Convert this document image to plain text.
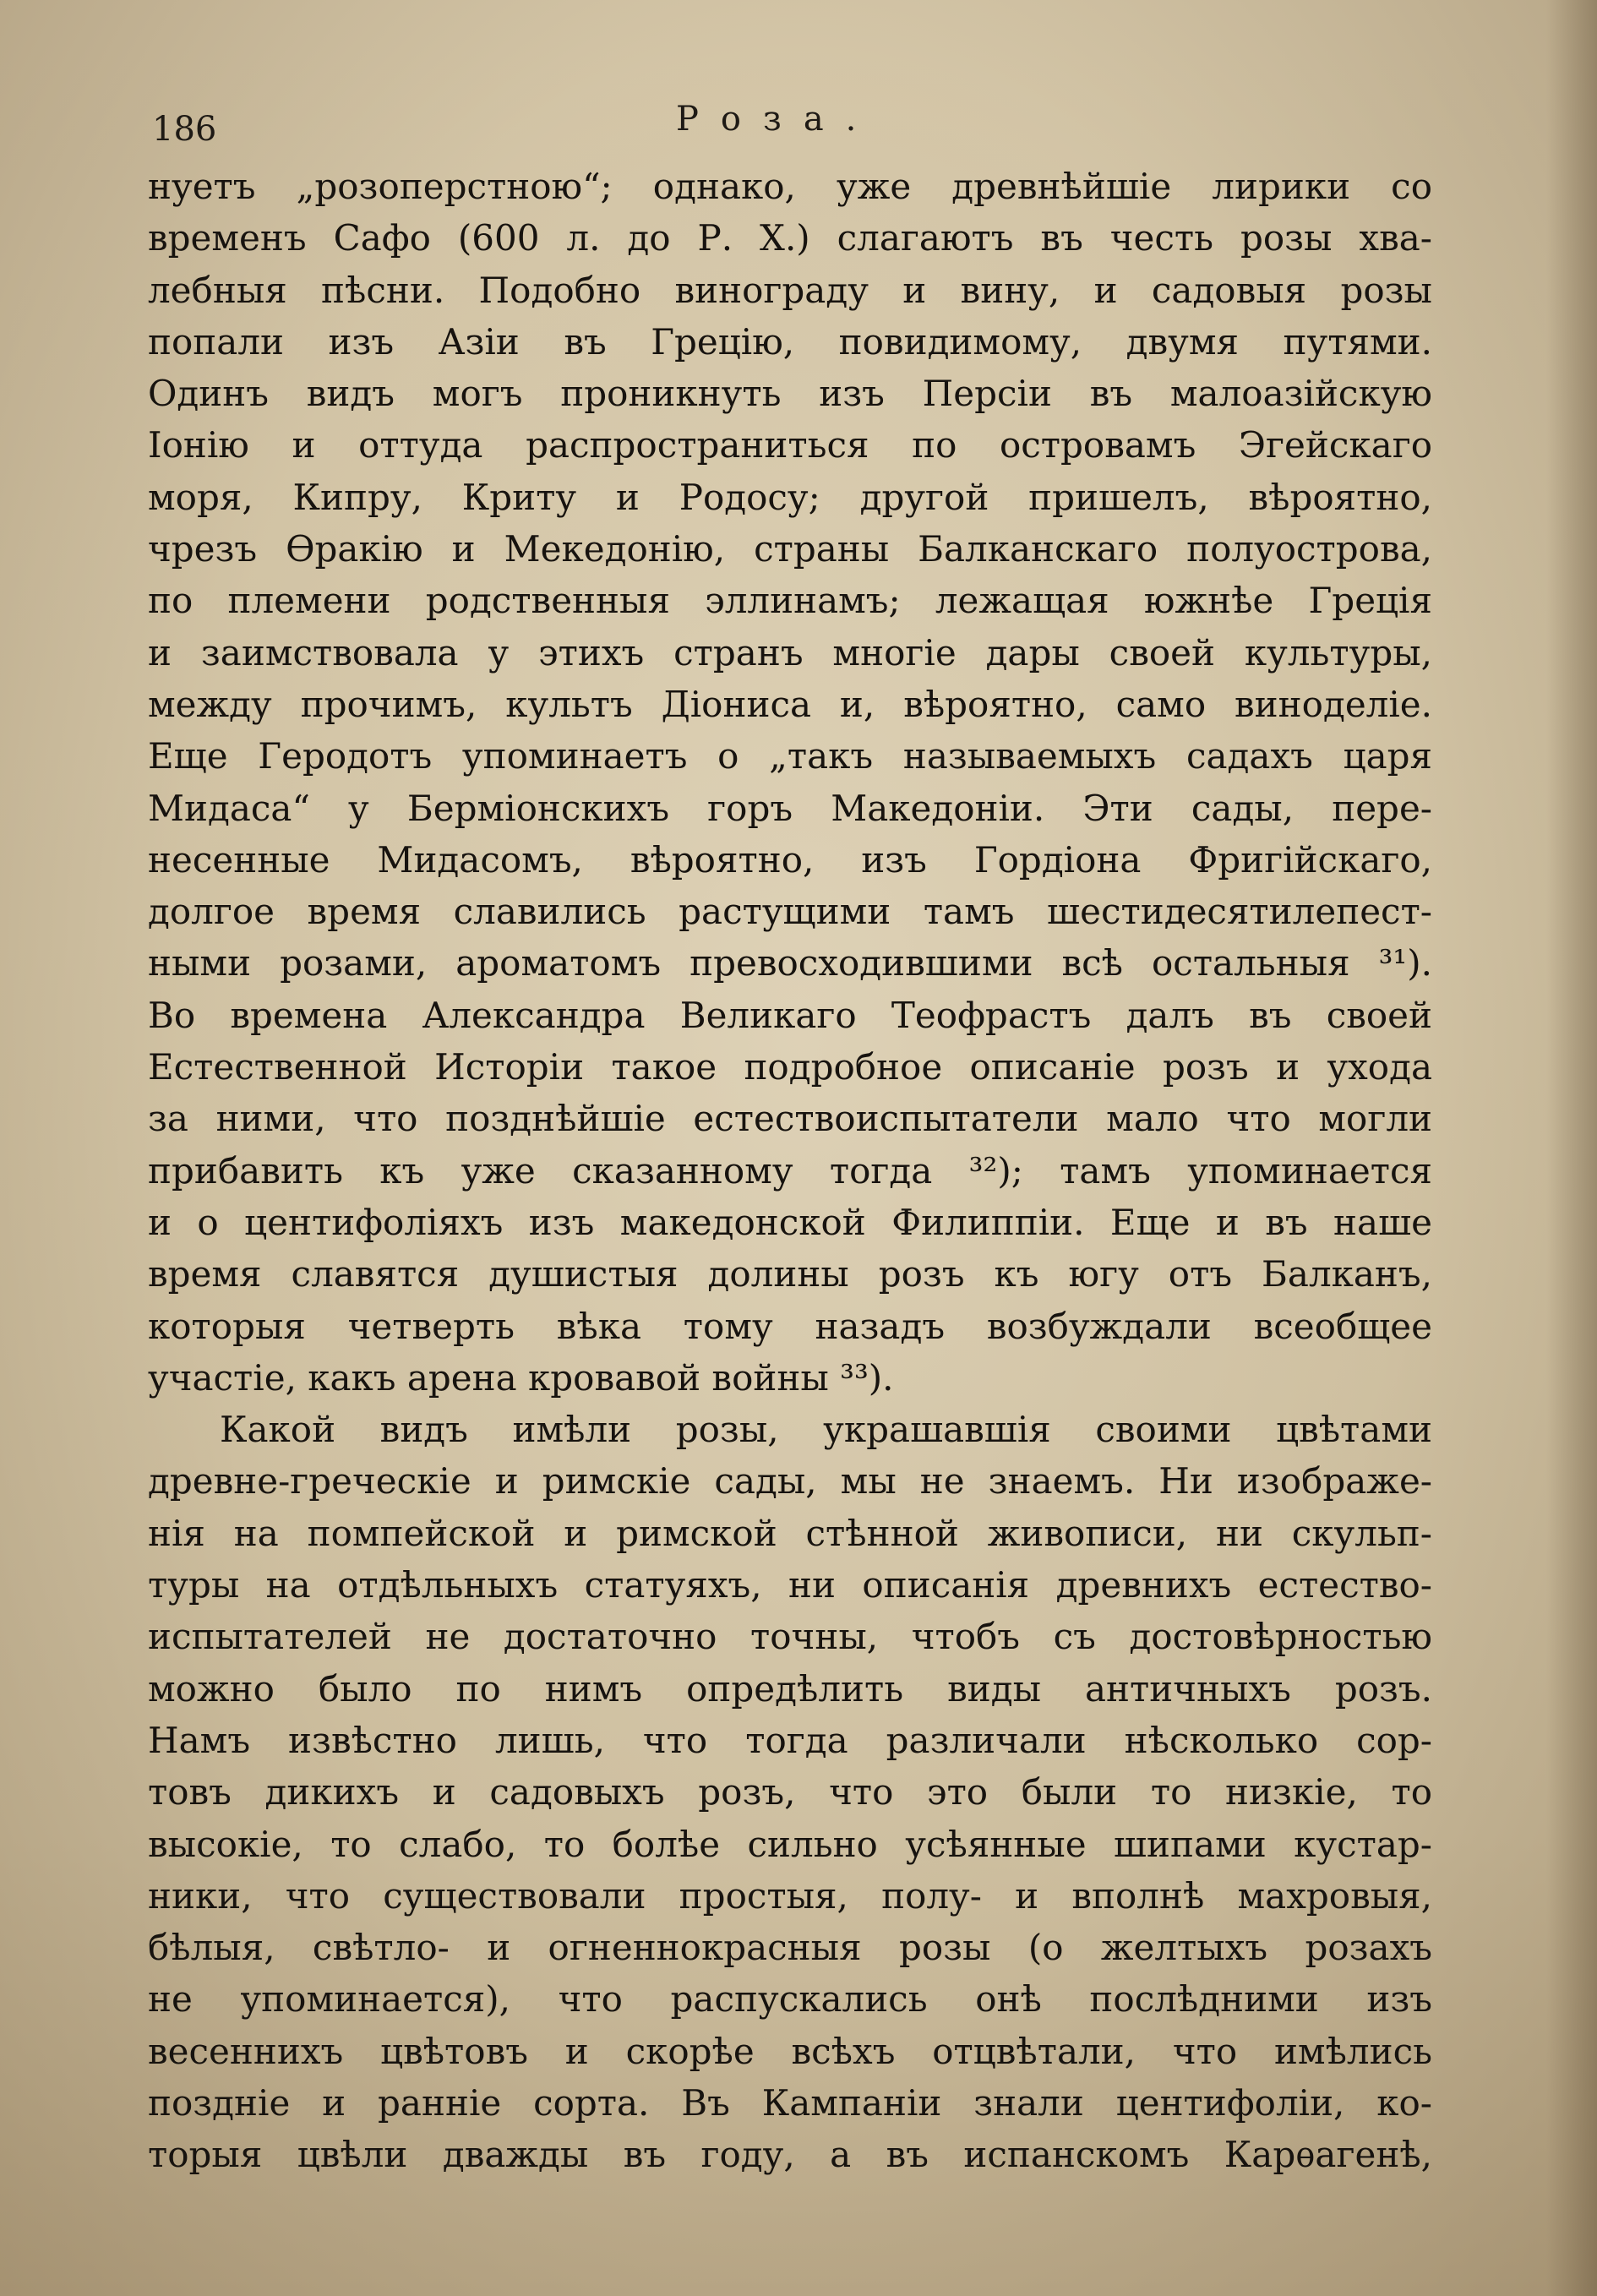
186	Роза.
нуетъ „розоперстною“; однако, уже древнѣйшіе лирики со
временъ Сафо (600 л. до Р. Х.) слагаютъ въ честь розы хва-
лебныя пѣсни. Подобно винограду и вину, и садовыя розы
попали изъ Азіи въ Грецію, повидимому, двумя путями.
Одинъ видъ могъ проникнуть изъ Персіи въ малоазійскую
Іонію и оттуда распространиться по островамъ Эгейскаго
моря, Кипру, Криту и Родосу; другой пришелъ, вѣроятно,
чрезъ Ѳракію и Мекедонію, страны Балканскаго полуострова,
по племени родственныя эллинамъ; лежащая южнѣе Греція
и заимствовала у этихъ странъ многіе дары своей культуры,
между прочимъ, культъ Діониса и, вѣроятно, само виноделіе.
Еще Геродотъ упоминаетъ о „такъ называемыхъ садахъ царя
Мидаса“ у Берміонскихъ горъ Македоніи. Эти сады, пере-
несенные Мидасомъ, вѣроятно, изъ Гордіона Фригійскаго,
долгое время славились растущими тамъ шестидесятилепест-
ными розами, ароматомъ превосходившими всѣ остальныя ³¹).
Во времена Александра Великаго Теофрастъ далъ въ своей
Естественной Исторіи такое подробное описаніе розъ и ухода
за ними, что позднѣйшіе естествоиспытатели мало что могли
прибавить къ уже сказанному тогда ³²); тамъ упоминается
и о центифоліяхъ изъ македонской Филиппіи. Еще и въ наше
время славятся душистыя долины розъ къ югу отъ Балканъ,
которыя четверть вѣка тому назадъ возбуждали всеобщее
участіе, какъ арена кровавой войны ³³).
Какой видъ имѣли розы, украшавшія своими цвѣтами
древне-греческіе и римскіе сады, мы не знаемъ. Ни изображе-
нія на помпейской и римской стѣнной живописи, ни скульп-
туры на отдѣльныхъ статуяхъ, ни описанія древнихъ естество-
испытателей не достаточно точны, чтобъ съ достовѣрностью
можно было по нимъ опредѣлить виды античныхъ розъ.
Намъ извѣстно лишь, что тогда различали нѣсколько сор-
товъ дикихъ и садовыхъ розъ, что это были то низкіе, то
высокіе, то слабо, то болѣе сильно усѣянные шипами кустар-
ники, что существовали простыя, полу- и вполнѣ махровыя,
бѣлыя, свѣтло- и огненнокрасныя розы (о желтыхъ розахъ
не упоминается), что распускались онѣ послѣдними изъ
весеннихъ цвѣтовъ и скорѣе всѣхъ отцвѣтали, что имѣлись
поздніе и ранніе сорта. Въ Кампаніи знали центифоліи, ко-
торыя цвѣли дважды въ году, а въ испанскомъ Карѳагенѣ,
